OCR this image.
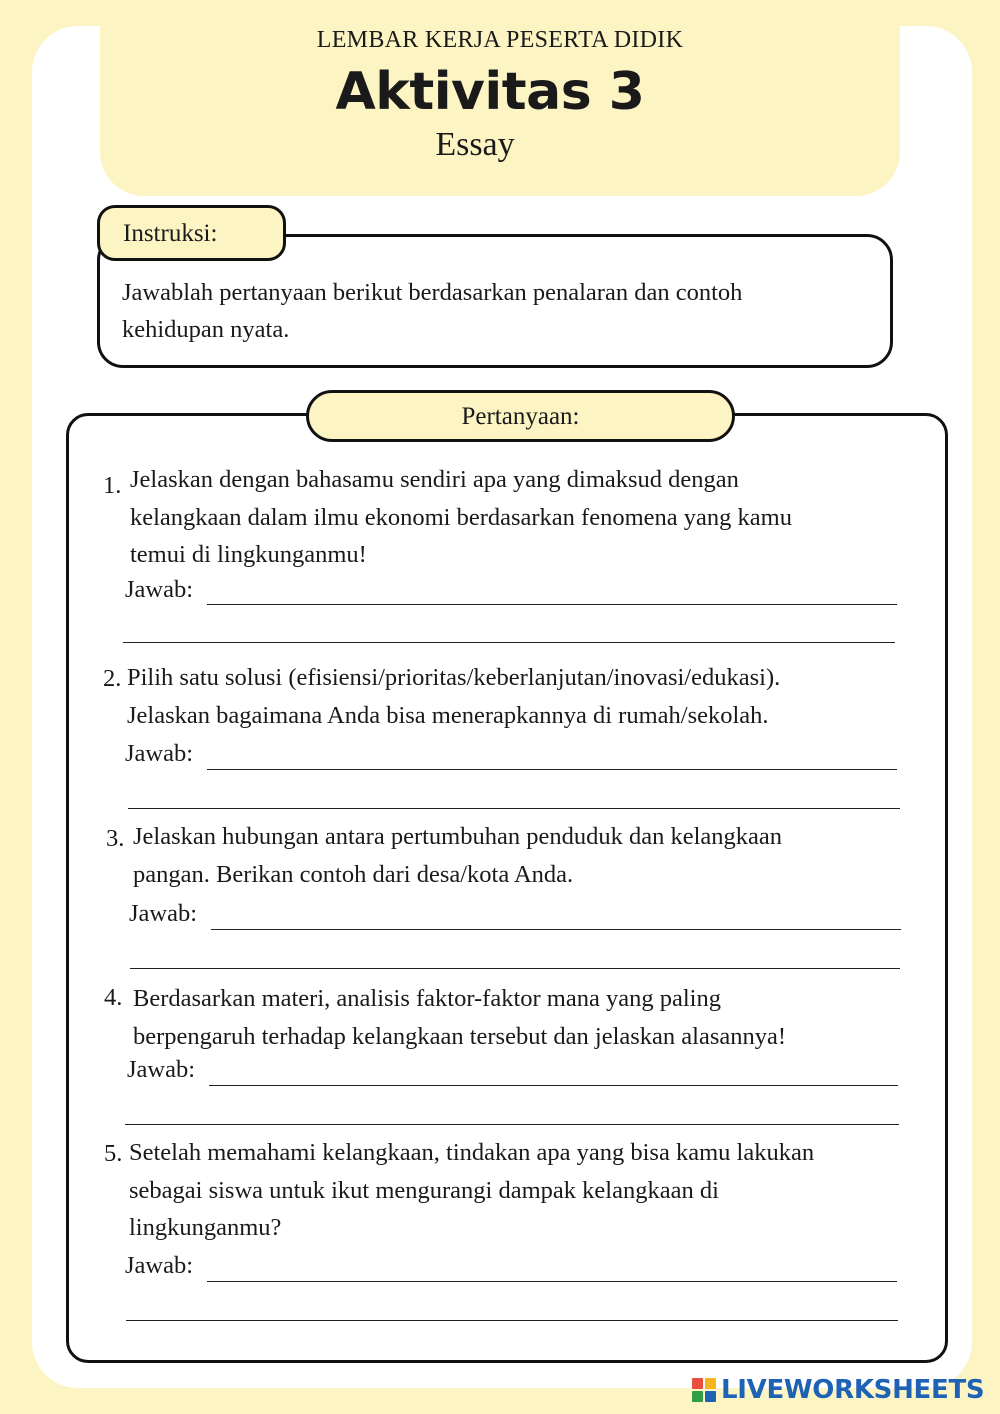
LEMBAR KERJA PESERTA DIDIK
Aktivitas 3
Essay
Instruksi:
Jawablah pertanyaan berikut berdasarkan penalaran dan contoh
kehidupan nyata.
Pertanyaan:
1. Jelaskan dengan bahasamu sendiri apa yang dimaksud dengan
kelangkaan dalam ilmu ekonomi berdasarkan fenomena yang kamu
temui di lingkunganmu!
Jawab:
2. Pilih satu solusi (efisiensi/prioritas/keberlanjutan/inovasi/edukasi).
Jelaskan bagaimana Anda bisa menerapkannya di rumah/sekolah.
Jawab:
3. Jelaskan hubungan antara pertumbuhan penduduk dan kelangkaan
pangan. Berikan contoh dari desa/kota Anda.
Jawab:
4. Berdasarkan materi, analisis faktor-faktor mana yang paling
berpengaruh terhadap kelangkaan tersebut dan jelaskan alasannya!
Jawab:
5. Setelah memahami kelangkaan, tindakan apa yang bisa kamu lakukan
sebagai siswa untuk ikut mengurangi dampak kelangkaan di
lingkunganmu?
Jawab:
LIVEWORKSHEETS
